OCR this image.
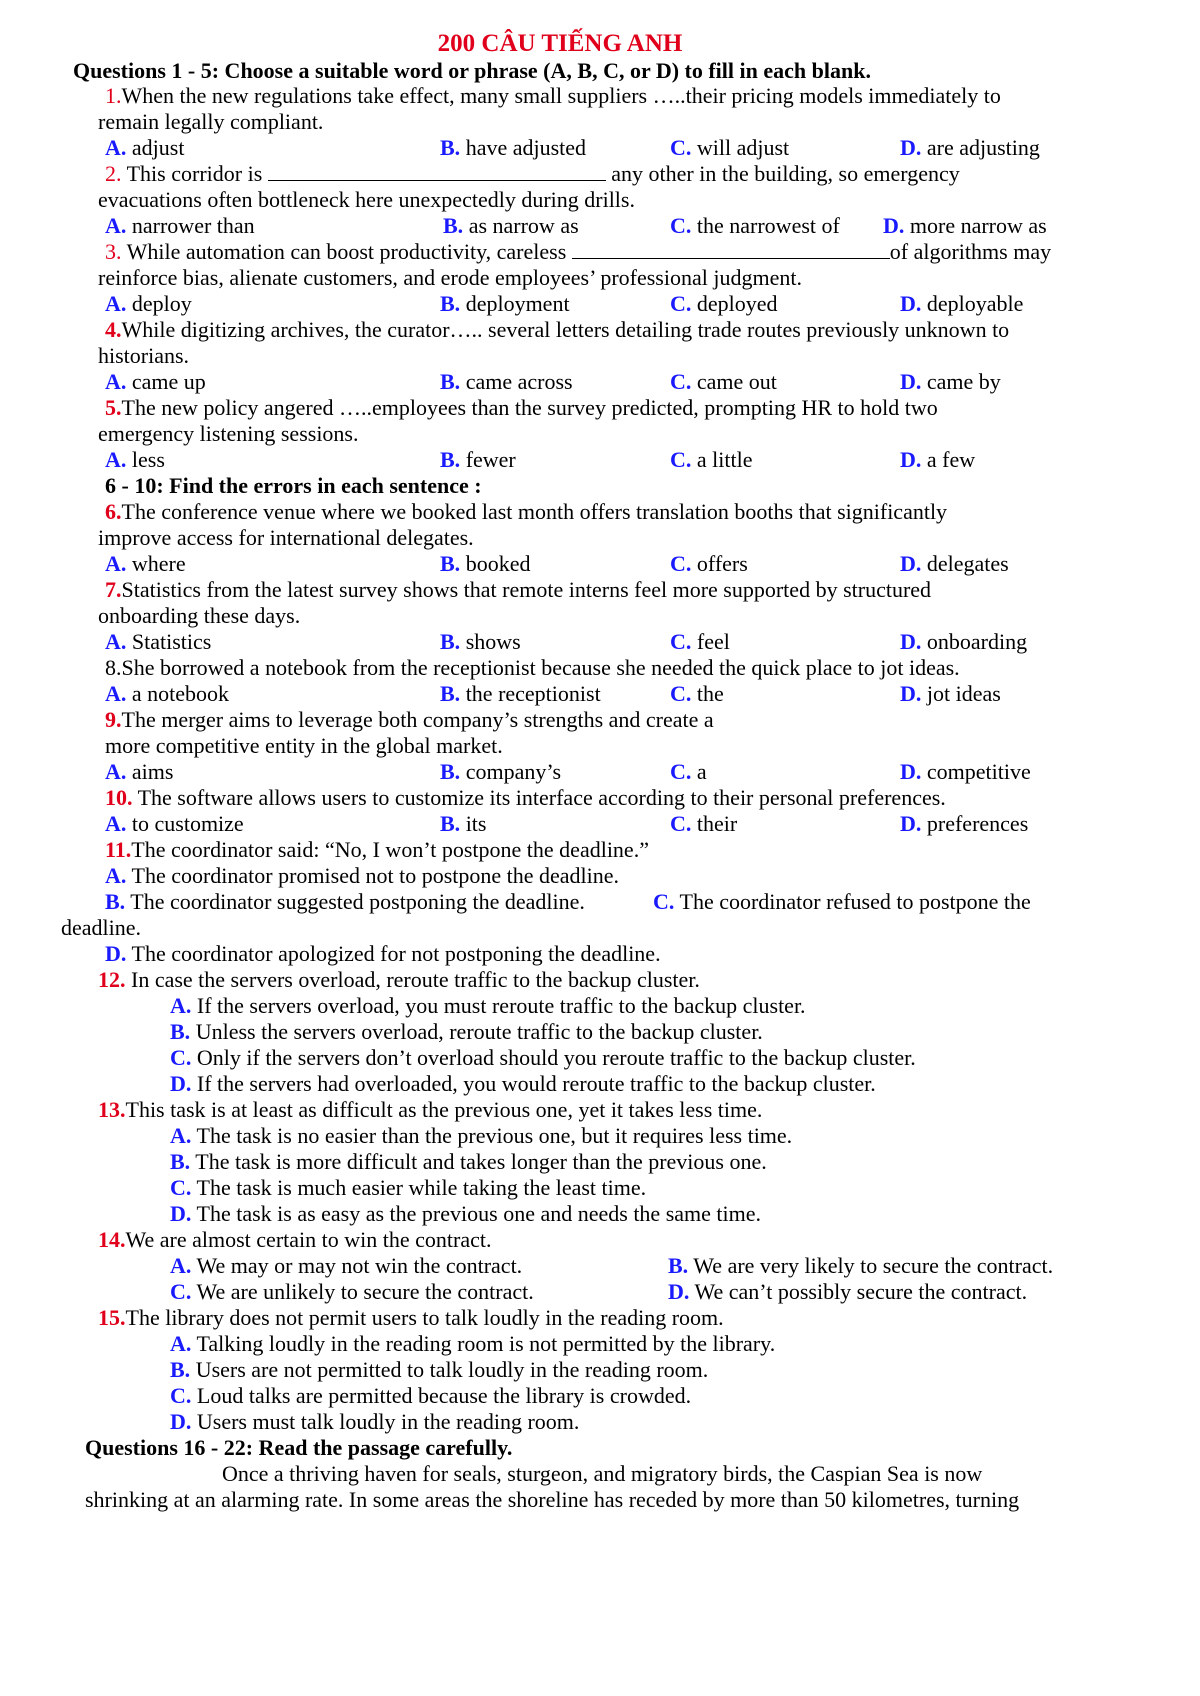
200 CÂU TIẾNG ANH
Questions 1 - 5: Choose a suitable word or phrase (A, B, C, or D) to fill in each blank.
1.When the new regulations take effect, many small suppliers …..their pricing models immediately to
remain legally compliant.
A. adjust	B. have adjusted	C. will adjust	D. are adjusting
2. This corridor is	any other in the building, so emergency
evacuations often bottleneck here unexpectedly during drills.
A. narrower than	B. as narrow as	C. the narrowest of D. more narrow as
3. While automation can boost productivity, careless	of algorithms may
reinforce bias, alienate customers, and erode employees’ professional judgment.
A. deploy	B. deployment	C. deployed	D. deployable
4.While digitizing archives, the curator….. several letters detailing trade routes previously unknown to
historians.
A. came up	B. came across	C. came out	D. came by
5.The new policy angered …..employees than the survey predicted, prompting HR to hold two
emergency listening sessions.
A. less	B. fewer	C. a little	D. a few
6 - 10: Find the errors in each sentence :
6.The conference venue where we booked last month offers translation booths that significantly
improve access for international delegates.
A. where	B. booked	C. offers	D. delegates
7.Statistics from the latest survey shows that remote interns feel more supported by structured
onboarding these days.
A. Statistics	B. shows	C. feel	D. onboarding
8.She borrowed a notebook from the receptionist because she needed the quick place to jot ideas.
A. a notebook	B. the receptionist	C. the	D. jot ideas
9.The merger aims to leverage both company’s strengths and create a
more competitive entity in the global market.
A. aims	B. company’s	C. a	D. competitive
10. The software allows users to customize its interface according to their personal preferences.
A. to customize	B. its	C. their	D. preferences
11.The coordinator said: “No, I won’t postpone the deadline.”
A. The coordinator promised not to postpone the deadline.
B. The coordinator suggested postponing the deadline.	C. The coordinator refused to postpone the
deadline.
D. The coordinator apologized for not postponing the deadline.
12. In case the servers overload, reroute traffic to the backup cluster.
A. If the servers overload, you must reroute traffic to the backup cluster.
B. Unless the servers overload, reroute traffic to the backup cluster.
C. Only if the servers don’t overload should you reroute traffic to the backup cluster.
D. If the servers had overloaded, you would reroute traffic to the backup cluster.
13.This task is at least as difficult as the previous one, yet it takes less time.
A. The task is no easier than the previous one, but it requires less time.
B. The task is more difficult and takes longer than the previous one.
C. The task is much easier while taking the least time.
D. The task is as easy as the previous one and needs the same time.
14.We are almost certain to win the contract.
A. We may or may not win the contract.	B. We are very likely to secure the contract.
C. We are unlikely to secure the contract.	D. We can’t possibly secure the contract.
15.The library does not permit users to talk loudly in the reading room.
A. Talking loudly in the reading room is not permitted by the library.
B. Users are not permitted to talk loudly in the reading room.
C. Loud talks are permitted because the library is crowded.
D. Users must talk loudly in the reading room.
Questions 16 - 22: Read the passage carefully.
Once a thriving haven for seals, sturgeon, and migratory birds, the Caspian Sea is now
shrinking at an alarming rate. In some areas the shoreline has receded by more than 50 kilometres, turning
